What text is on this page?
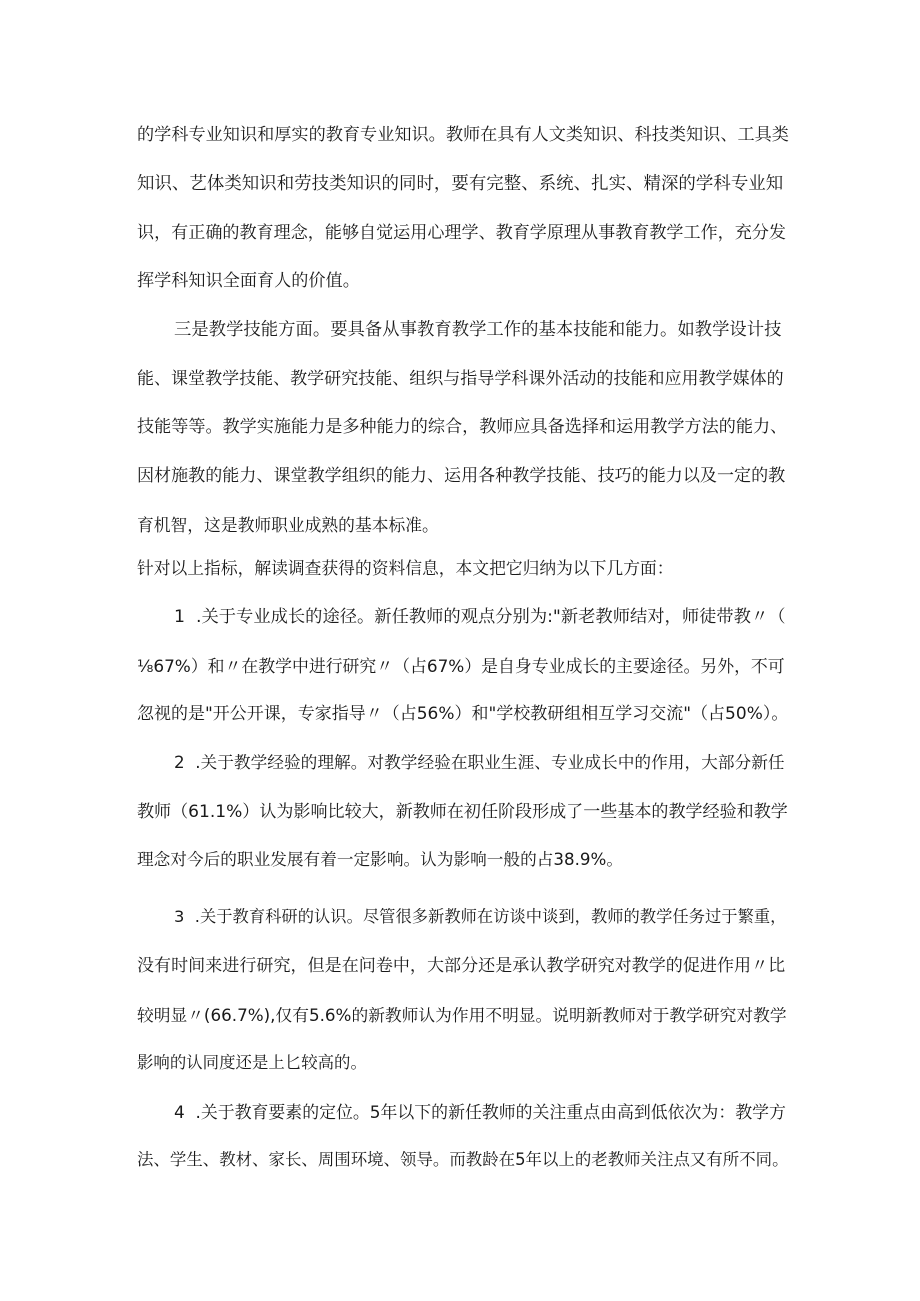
的学科专业知识和厚实的教育专业知识。教师在具有人文类知识、科技类知识、工具类
知识、艺体类知识和劳技类知识的同时，要有完整、系统、扎实、精深的学科专业知
识，有正确的教育理念，能够自觉运用心理学、教育学原理从事教育教学工作，充分发
挥学科知识全面育人的价值。
三是教学技能方面。要具备从事教育教学工作的基本技能和能力。如教学设计技
能、课堂教学技能、教学研究技能、组织与指导学科课外活动的技能和应用教学媒体的
技能等等。教学实施能力是多种能力的综合，教师应具备选择和运用教学方法的能力、
因材施教的能力、课堂教学组织的能力、运用各种教学技能、技巧的能力以及一定的教
育机智，这是教师职业成熟的基本标准。
针对以上指标，解读调查获得的资料信息，本文把它归纳为以下几方面：
1  .关于专业成长的途径。新任教师的观点分别为:"新老教师结对，师徒带教〃（
⅛67%）和〃在教学中进行研究〃（占67%）是自身专业成长的主要途径。另外，不可
忽视的是"开公开课，专家指导〃（占56%）和"学校教研组相互学习交流"（占50%）。
2  .关于教学经验的理解。对教学经验在职业生涯、专业成长中的作用，大部分新任
教师（61.1%）认为影响比较大，新教师在初任阶段形成了一些基本的教学经验和教学
理念对今后的职业发展有着一定影响。认为影响一般的占38.9%。
3  .关于教育科研的认识。尽管很多新教师在访谈中谈到，教师的教学任务过于繁重，
没有时间来进行研究，但是在问卷中，大部分还是承认教学研究对教学的促进作用〃比
较明显〃(66.7%),仅有5.6%的新教师认为作用不明显。说明新教师对于教学研究对教学
影响的认同度还是上匕较高的。
4  .关于教育要素的定位。5年以下的新任教师的关注重点由高到低依次为：教学方
法、学生、教材、家长、周围环境、领导。而教龄在5年以上的老教师关注点又有所不同。
